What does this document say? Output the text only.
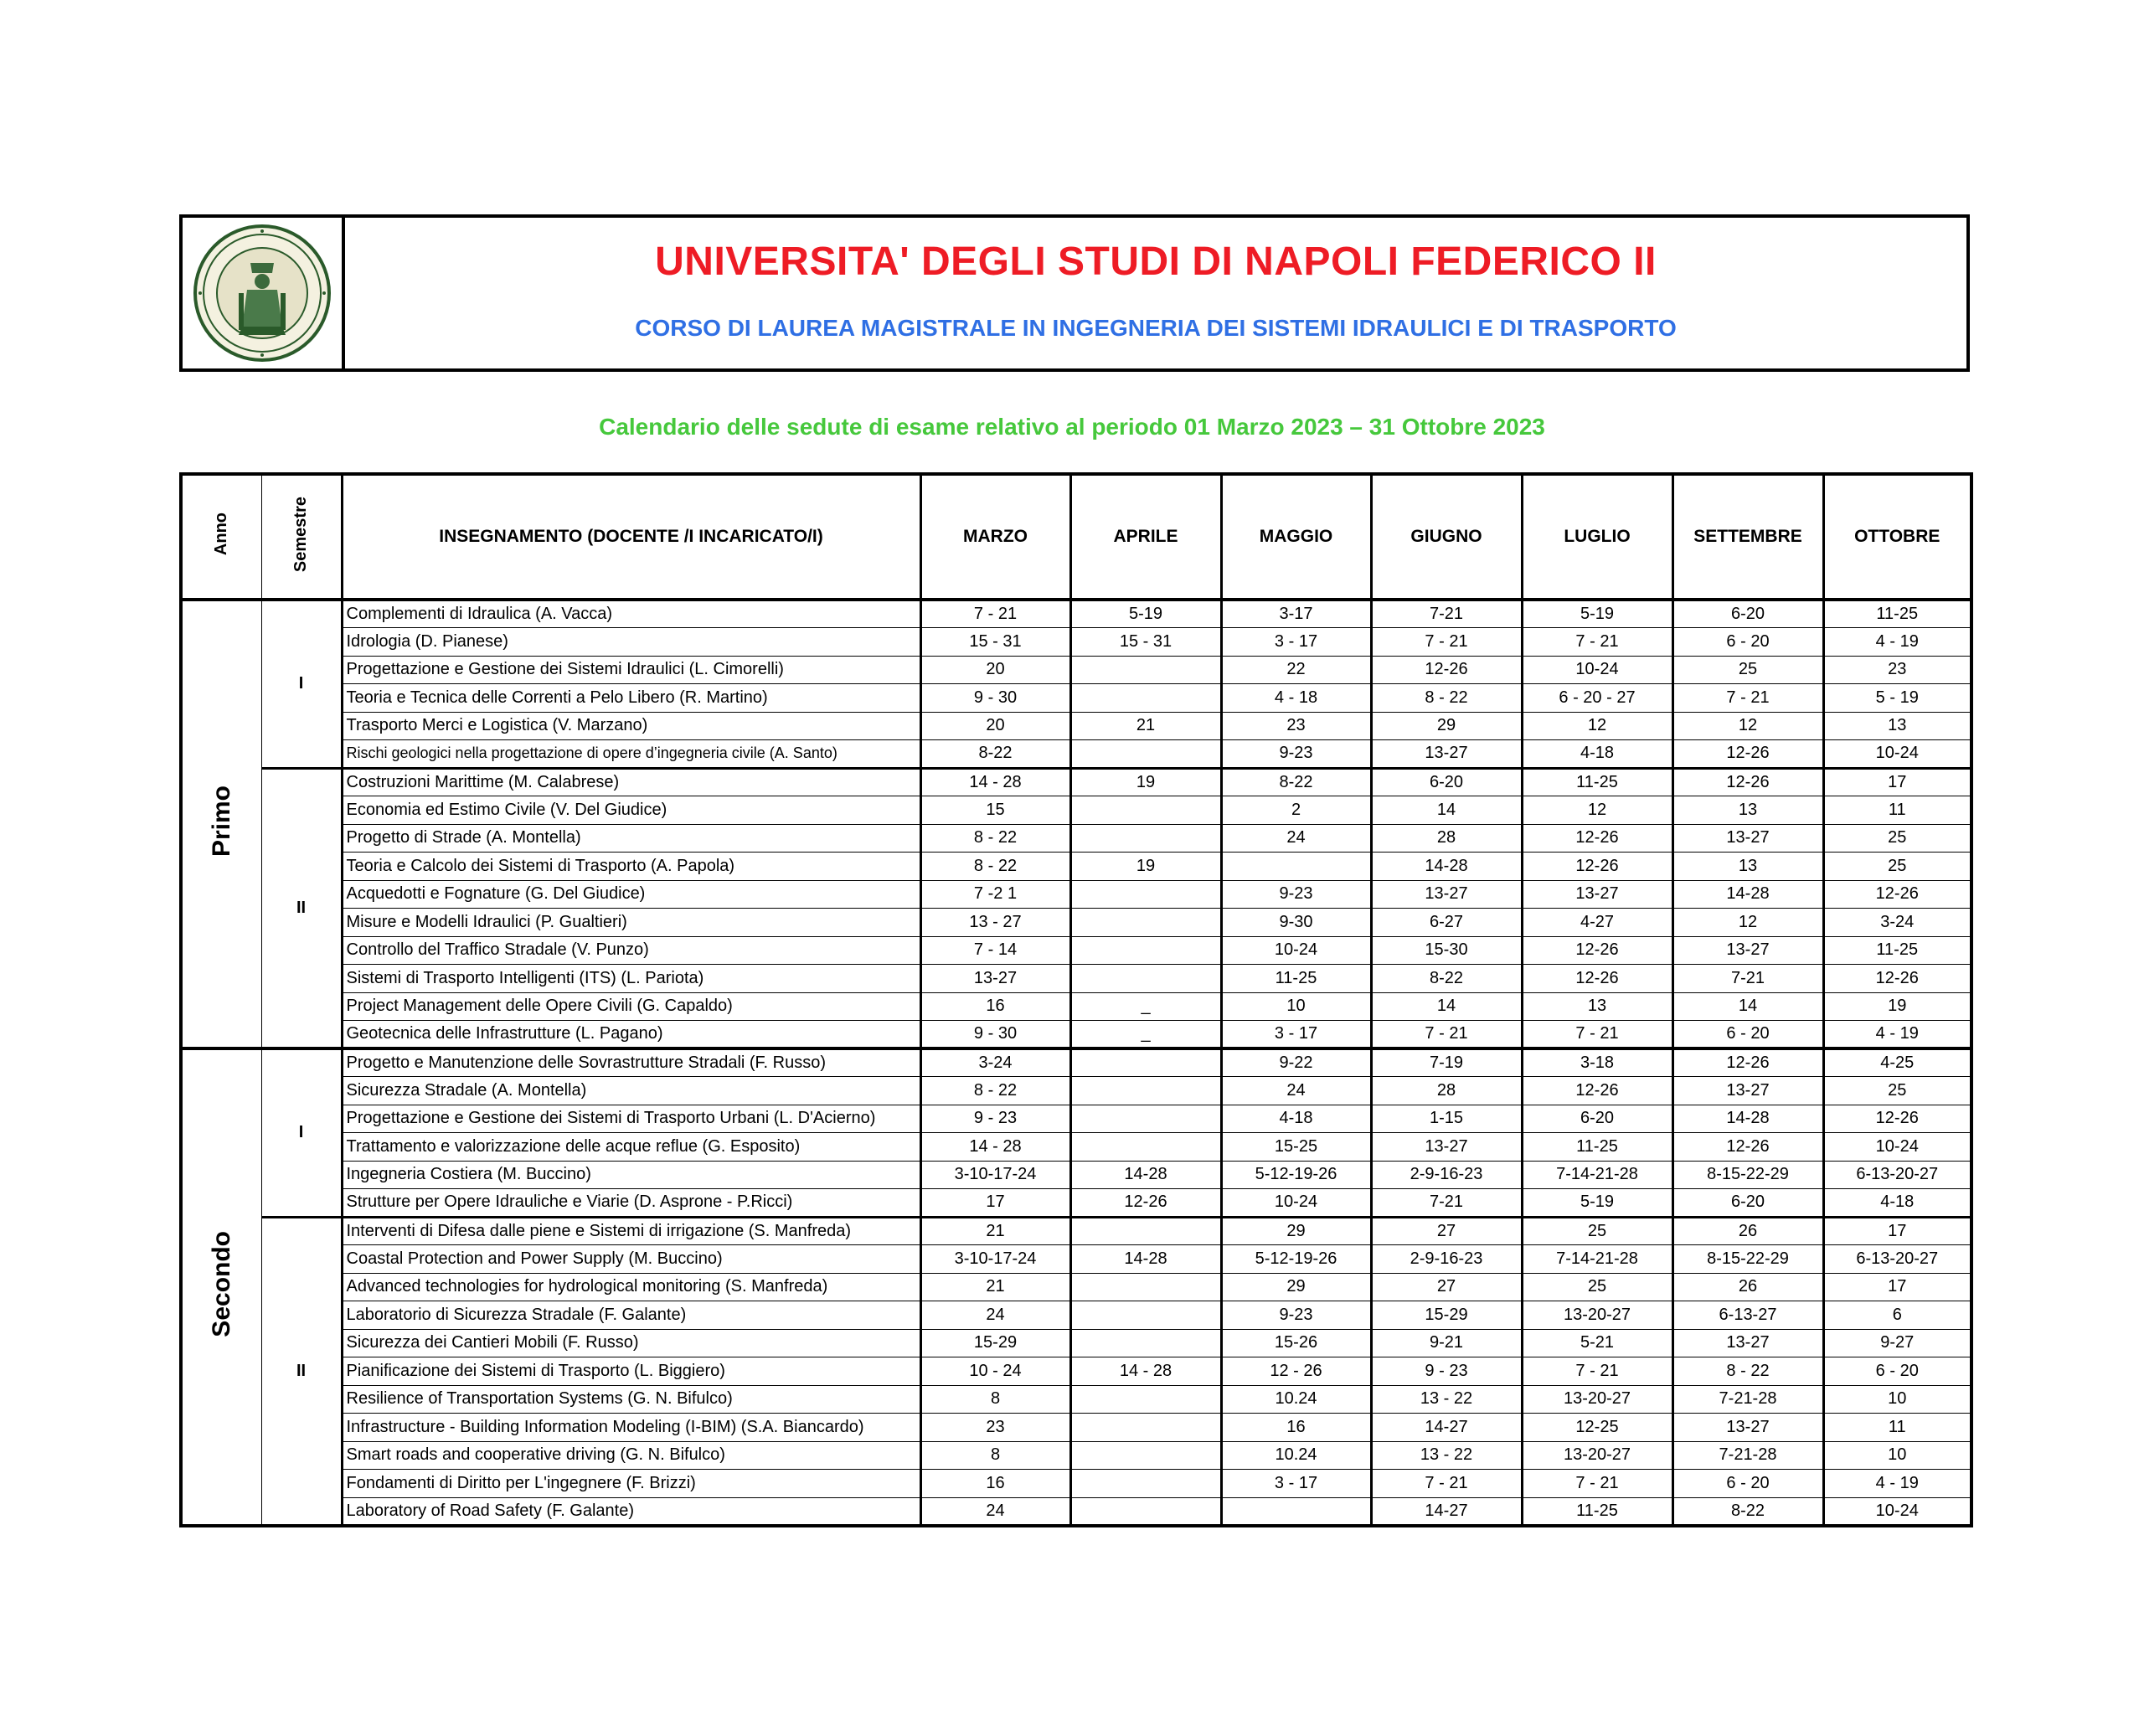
UNIVERSITA' DEGLI STUDI DI NAPOLI FEDERICO II
CORSO DI LAUREA MAGISTRALE IN INGEGNERIA DEI SISTEMI IDRAULICI E DI TRASPORTO
Calendario delle sedute di esame relativo al periodo 01 Marzo 2023 – 31 Ottobre 2023
Anno	Semestre	INSEGNAMENTO (DOCENTE /I INCARICATO/I)	MARZO	APRILE	MAGGIO	GIUGNO	LUGLIO	SETTEMBRE	OTTOBRE
Primo	I	Complementi di Idraulica (A. Vacca)	7 - 21	5-19	3-17	7-21	5-19	6-20	11-25
		Idrologia (D. Pianese)	15 - 31	15 - 31	3 - 17	7 - 21	7 - 21	6 - 20	4 - 19
		Progettazione e Gestione dei Sistemi Idraulici (L. Cimorelli)	20		22	12-26	10-24	25	23
		Teoria e Tecnica delle Correnti a Pelo Libero (R. Martino)	9 - 30		4 - 18	8 - 22	6 - 20 - 27	7 - 21	5 - 19
		Trasporto Merci e Logistica (V. Marzano)	20	21	23	29	12	12	13
		Rischi geologici nella progettazione di opere d’ingegneria civile (A. Santo)	8-22		9-23	13-27	4-18	12-26	10-24
	II	Costruzioni Marittime (M. Calabrese)	14 - 28	19	8-22	6-20	11-25	12-26	17
		Economia ed Estimo Civile (V. Del Giudice)	15		2	14	12	13	11
		Progetto di Strade (A. Montella)	8 - 22		24	28	12-26	13-27	25
		Teoria e Calcolo dei Sistemi di Trasporto (A. Papola)	8 - 22	19		14-28	12-26	13	25
		Acquedotti e Fognature (G. Del Giudice)	7 -2 1		9-23	13-27	13-27	14-28	12-26
		Misure e Modelli Idraulici (P. Gualtieri)	13 - 27		9-30	6-27	4-27	12	3-24
		Controllo del Traffico Stradale (V. Punzo)	7 - 14		10-24	15-30	12-26	13-27	11-25
		Sistemi di Trasporto Intelligenti (ITS) (L. Pariota)	13-27		11-25	8-22	12-26	7-21	12-26
		Project Management delle Opere Civili (G. Capaldo)	16	_	10	14	13	14	19
		Geotecnica delle Infrastrutture (L. Pagano)	9 - 30	_	3 - 17	7 - 21	7 - 21	6 - 20	4 - 19
Secondo	I	Progetto e Manutenzione delle Sovrastrutture Stradali (F. Russo)	3-24		9-22	7-19	3-18	12-26	4-25
		Sicurezza Stradale (A. Montella)	8 - 22		24	28	12-26	13-27	25
		Progettazione e Gestione dei Sistemi di Trasporto Urbani (L. D'Acierno)	9 - 23		4-18	1-15	6-20	14-28	12-26
		Trattamento e valorizzazione delle acque reflue (G. Esposito)	14 - 28		15-25	13-27	11-25	12-26	10-24
		Ingegneria Costiera (M. Buccino)	3-10-17-24	14-28	5-12-19-26	2-9-16-23	7-14-21-28	8-15-22-29	6-13-20-27
		Strutture per Opere Idrauliche e Viarie (D. Asprone - P.Ricci)	17	12-26	10-24	7-21	5-19	6-20	4-18
	II	Interventi di Difesa dalle piene e Sistemi di irrigazione (S. Manfreda)	21		29	27	25	26	17
		Coastal Protection and Power Supply (M. Buccino)	3-10-17-24	14-28	5-12-19-26	2-9-16-23	7-14-21-28	8-15-22-29	6-13-20-27
		Advanced technologies for hydrological monitoring (S. Manfreda)	21		29	27	25	26	17
		Laboratorio di Sicurezza Stradale (F. Galante)	24		9-23	15-29	13-20-27	6-13-27	6
		Sicurezza dei Cantieri Mobili (F. Russo)	15-29		15-26	9-21	5-21	13-27	9-27
		Pianificazione dei Sistemi di Trasporto (L. Biggiero)	10 - 24	14 - 28	12 - 26	9 - 23	7 - 21	8 - 22	6 - 20
		Resilience of Transportation Systems (G. N. Bifulco)	8		10.24	13 - 22	13-20-27	7-21-28	10
		Infrastructure - Building Information Modeling (I-BIM) (S.A. Biancardo)	23		16	14-27	12-25	13-27	11
		Smart roads and cooperative driving (G. N. Bifulco)	8		10.24	13 - 22	13-20-27	7-21-28	10
		Fondamenti di Diritto per L'ingegnere (F. Brizzi)	16		3 - 17	7 - 21	7 - 21	6 - 20	4 - 19
		Laboratory of Road Safety (F. Galante)	24			14-27	11-25	8-22	10-24
